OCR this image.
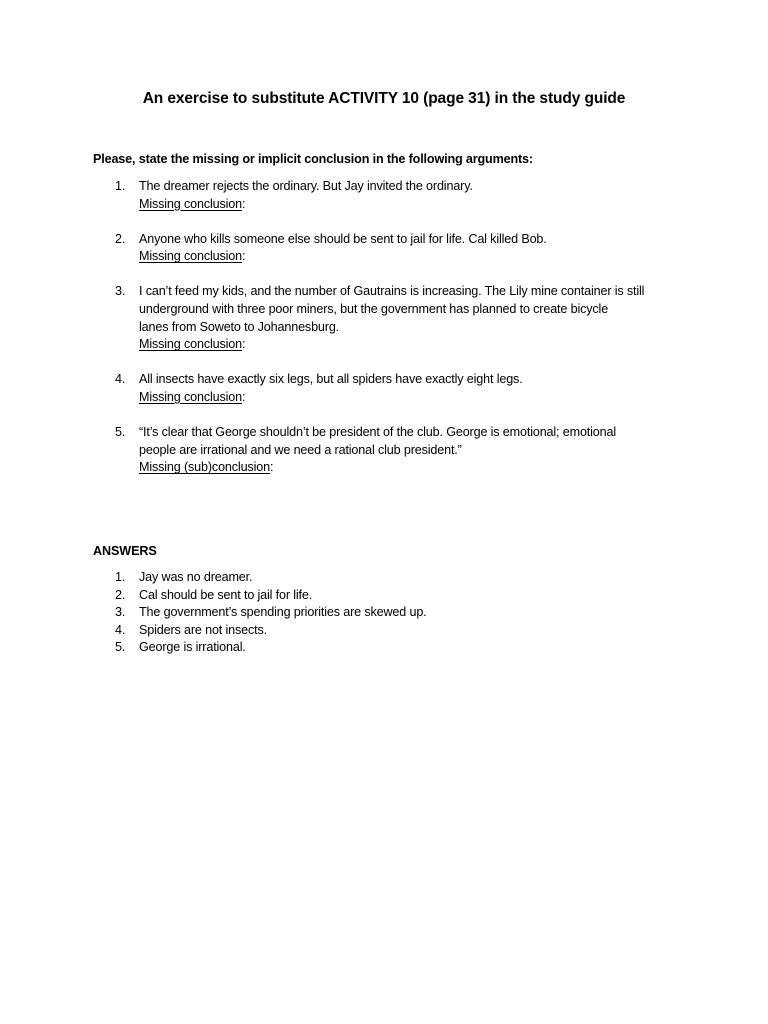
An exercise to substitute ACTIVITY 10 (page 31) in the study guide
Please, state the missing or implicit conclusion in the following arguments:
1. The dreamer rejects the ordinary. But Jay invited the ordinary.
Missing conclusion:
2. Anyone who kills someone else should be sent to jail for life. Cal killed Bob.
Missing conclusion:
3. I can’t feed my kids, and the number of Gautrains is increasing. The Lily mine container is still
underground with three poor miners, but the government has planned to create bicycle
lanes from Soweto to Johannesburg.
Missing conclusion:
4. All insects have exactly six legs, but all spiders have exactly eight legs.
Missing conclusion:
5. “It’s clear that George shouldn’t be president of the club. George is emotional; emotional
people are irrational and we need a rational club president.”
Missing (sub)conclusion:
ANSWERS
1. Jay was no dreamer.
2. Cal should be sent to jail for life.
3. The government’s spending priorities are skewed up.
4. Spiders are not insects.
5. George is irrational.
